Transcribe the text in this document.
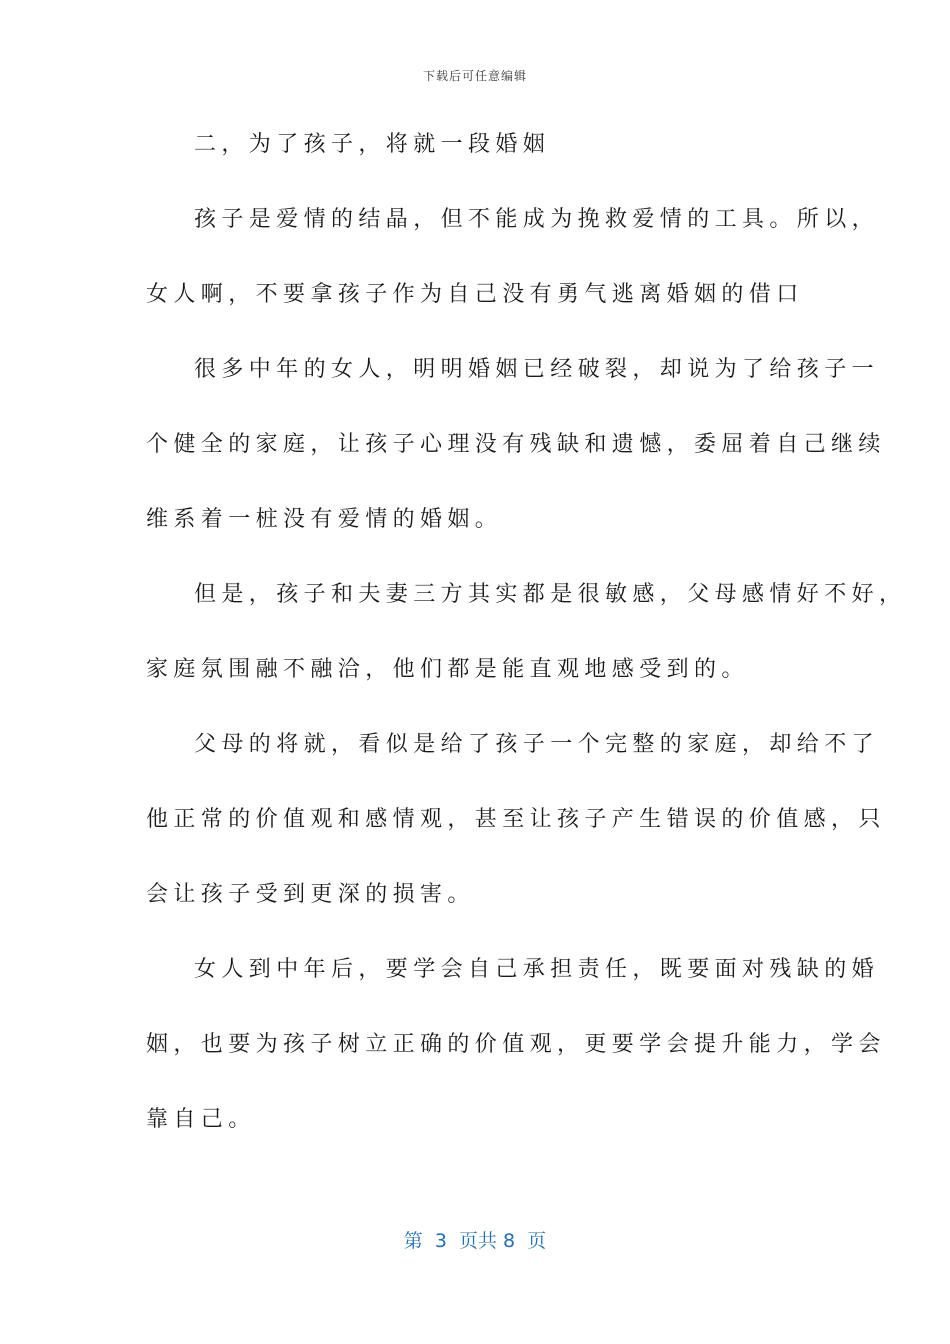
下载后可任意编辑
二，为了孩子，将就一段婚姻
孩子是爱情的结晶，但不能成为挽救爱情的工具。所以，
女人啊，不要拿孩子作为自己没有勇气逃离婚姻的借口
很多中年的女人，明明婚姻已经破裂，却说为了给孩子一
个健全的家庭，让孩子心理没有残缺和遗憾，委屈着自己继续
维系着一桩没有爱情的婚姻。
但是，孩子和夫妻三方其实都是很敏感，父母感情好不好，
家庭氛围融不融洽，他们都是能直观地感受到的。
父母的将就，看似是给了孩子一个完整的家庭，却给不了
他正常的价值观和感情观，甚至让孩子产生错误的价值感，只
会让孩子受到更深的损害。
女人到中年后，要学会自己承担责任，既要面对残缺的婚
姻，也要为孩子树立正确的价值观，更要学会提升能力，学会
靠自己。
第  3  页共 8  页
